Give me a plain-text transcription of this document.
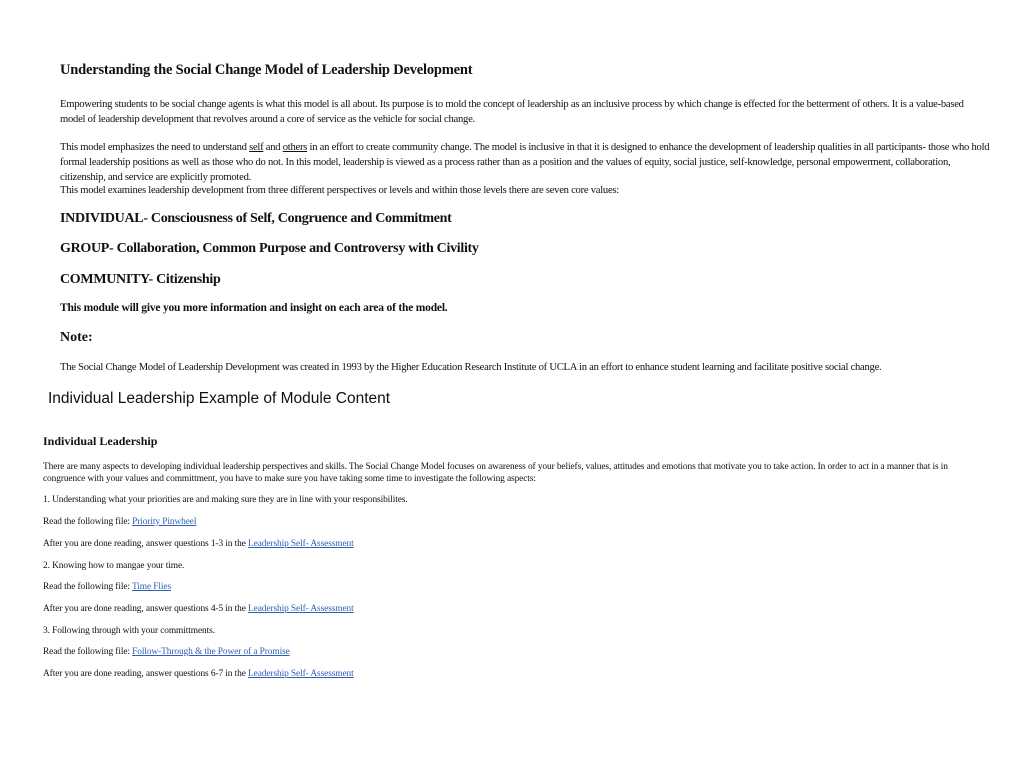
Understanding the Social Change Model of Leadership Development
Empowering students to be social change agents is what this model is all about. Its purpose is to mold the concept of leadership as an inclusive process by which change is effected for the betterment of others. It is a value-based model of leadership development that revolves around a core of service as the vehicle for social change.
This model emphasizes the need to understand self and others in an effort to create community change. The model is inclusive in that it is designed to enhance the development of leadership qualities in all participants- those who hold formal leadership positions as well as those who do not. In this model, leadership is viewed as a process rather than as a position and the values of equity, social justice, self-knowledge, personal empowerment, collaboration, citizenship, and service are explicitly promoted.
This model examines leadership development from three different perspectives or levels and within those levels there are seven core values:
INDIVIDUAL- Consciousness of Self, Congruence and Commitment
GROUP- Collaboration, Common Purpose and Controversy with Civility
COMMUNITY- Citizenship
This module will give you more information and insight on each area of the model.
Note:
The Social Change Model of Leadership Development was created in 1993 by the Higher Education Research Institute of UCLA in an effort to enhance student learning and facilitate positive social change.
Individual Leadership Example of Module Content
Individual Leadership
There are many aspects to developing individual leadership perspectives and skills. The Social Change Model focuses on awareness of your beliefs, values, attitudes and emotions that motivate you to take action. In order to act in a manner that is in congruence with your values and committment, you have to make sure you have taking some time to investigate the following aspects:
1. Understanding what your priorities are and making sure they are in line with your responsibilites.
Read the following file: Priority Pinwheel
After you are done reading, answer questions 1-3 in the Leadership Self- Assessment
2. Knowing how to mangae your time.
Read the following file: Time Flies
After you are done reading, answer questions 4-5 in the Leadership Self- Assessment
3. Following through with your committments.
Read the following file: Follow-Through & the Power of a Promise
After you are done reading, answer questions 6-7 in the Leadership Self- Assessment
